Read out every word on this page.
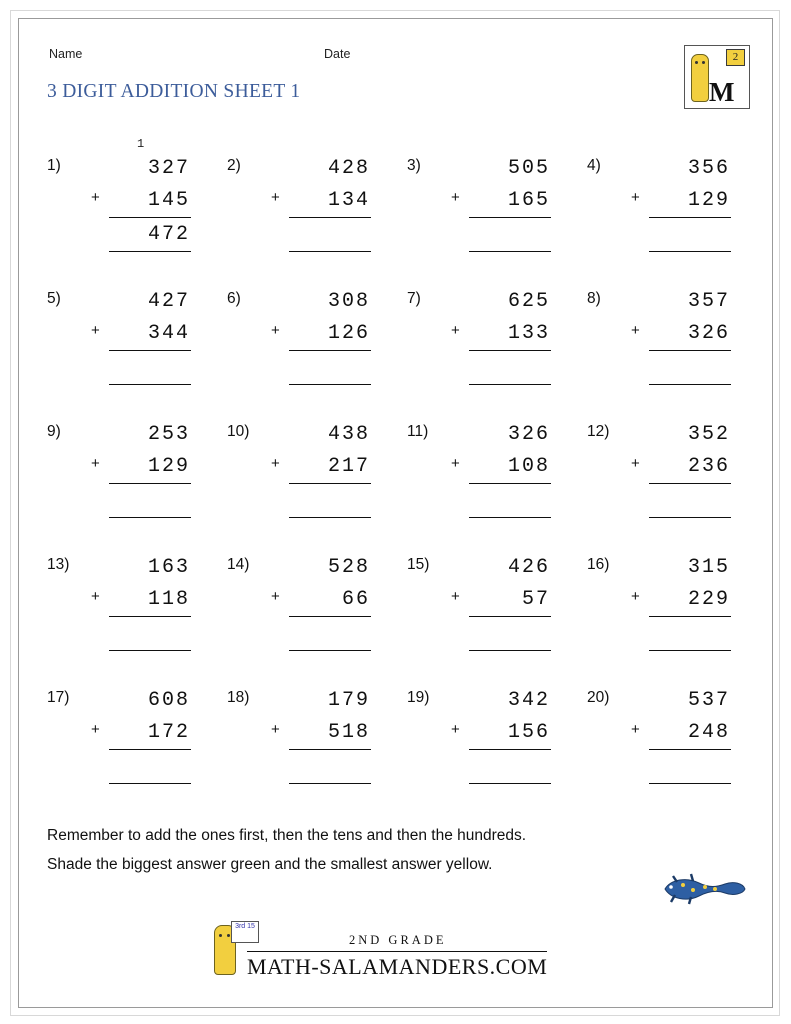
Name	Date
3 DIGIT ADDITION SHEET 1
2
M
1
1)	327
+	145
472
2)	428
+	134
3)	505
+	165
4)	356
+	129
5)	427
+	344
6)	308
+	126
7)	625
+	133
8)	357
+	326
9)	253
+	129
10)	438
+	217
11)	326
+	108
12)	352
+	236
13)	163
+	118
14)	528
+	66
15)	426
+	57
16)	315
+	229
17)	608
+	172
18)	179
+	518
19)	342
+	156
20)	537
+	248
Remember to add the ones first, then the tens and then the hundreds.
Shade the biggest answer green and the smallest answer yellow.
3rd 15
2ND GRADE
MATH-SALAMANDERS.COM
